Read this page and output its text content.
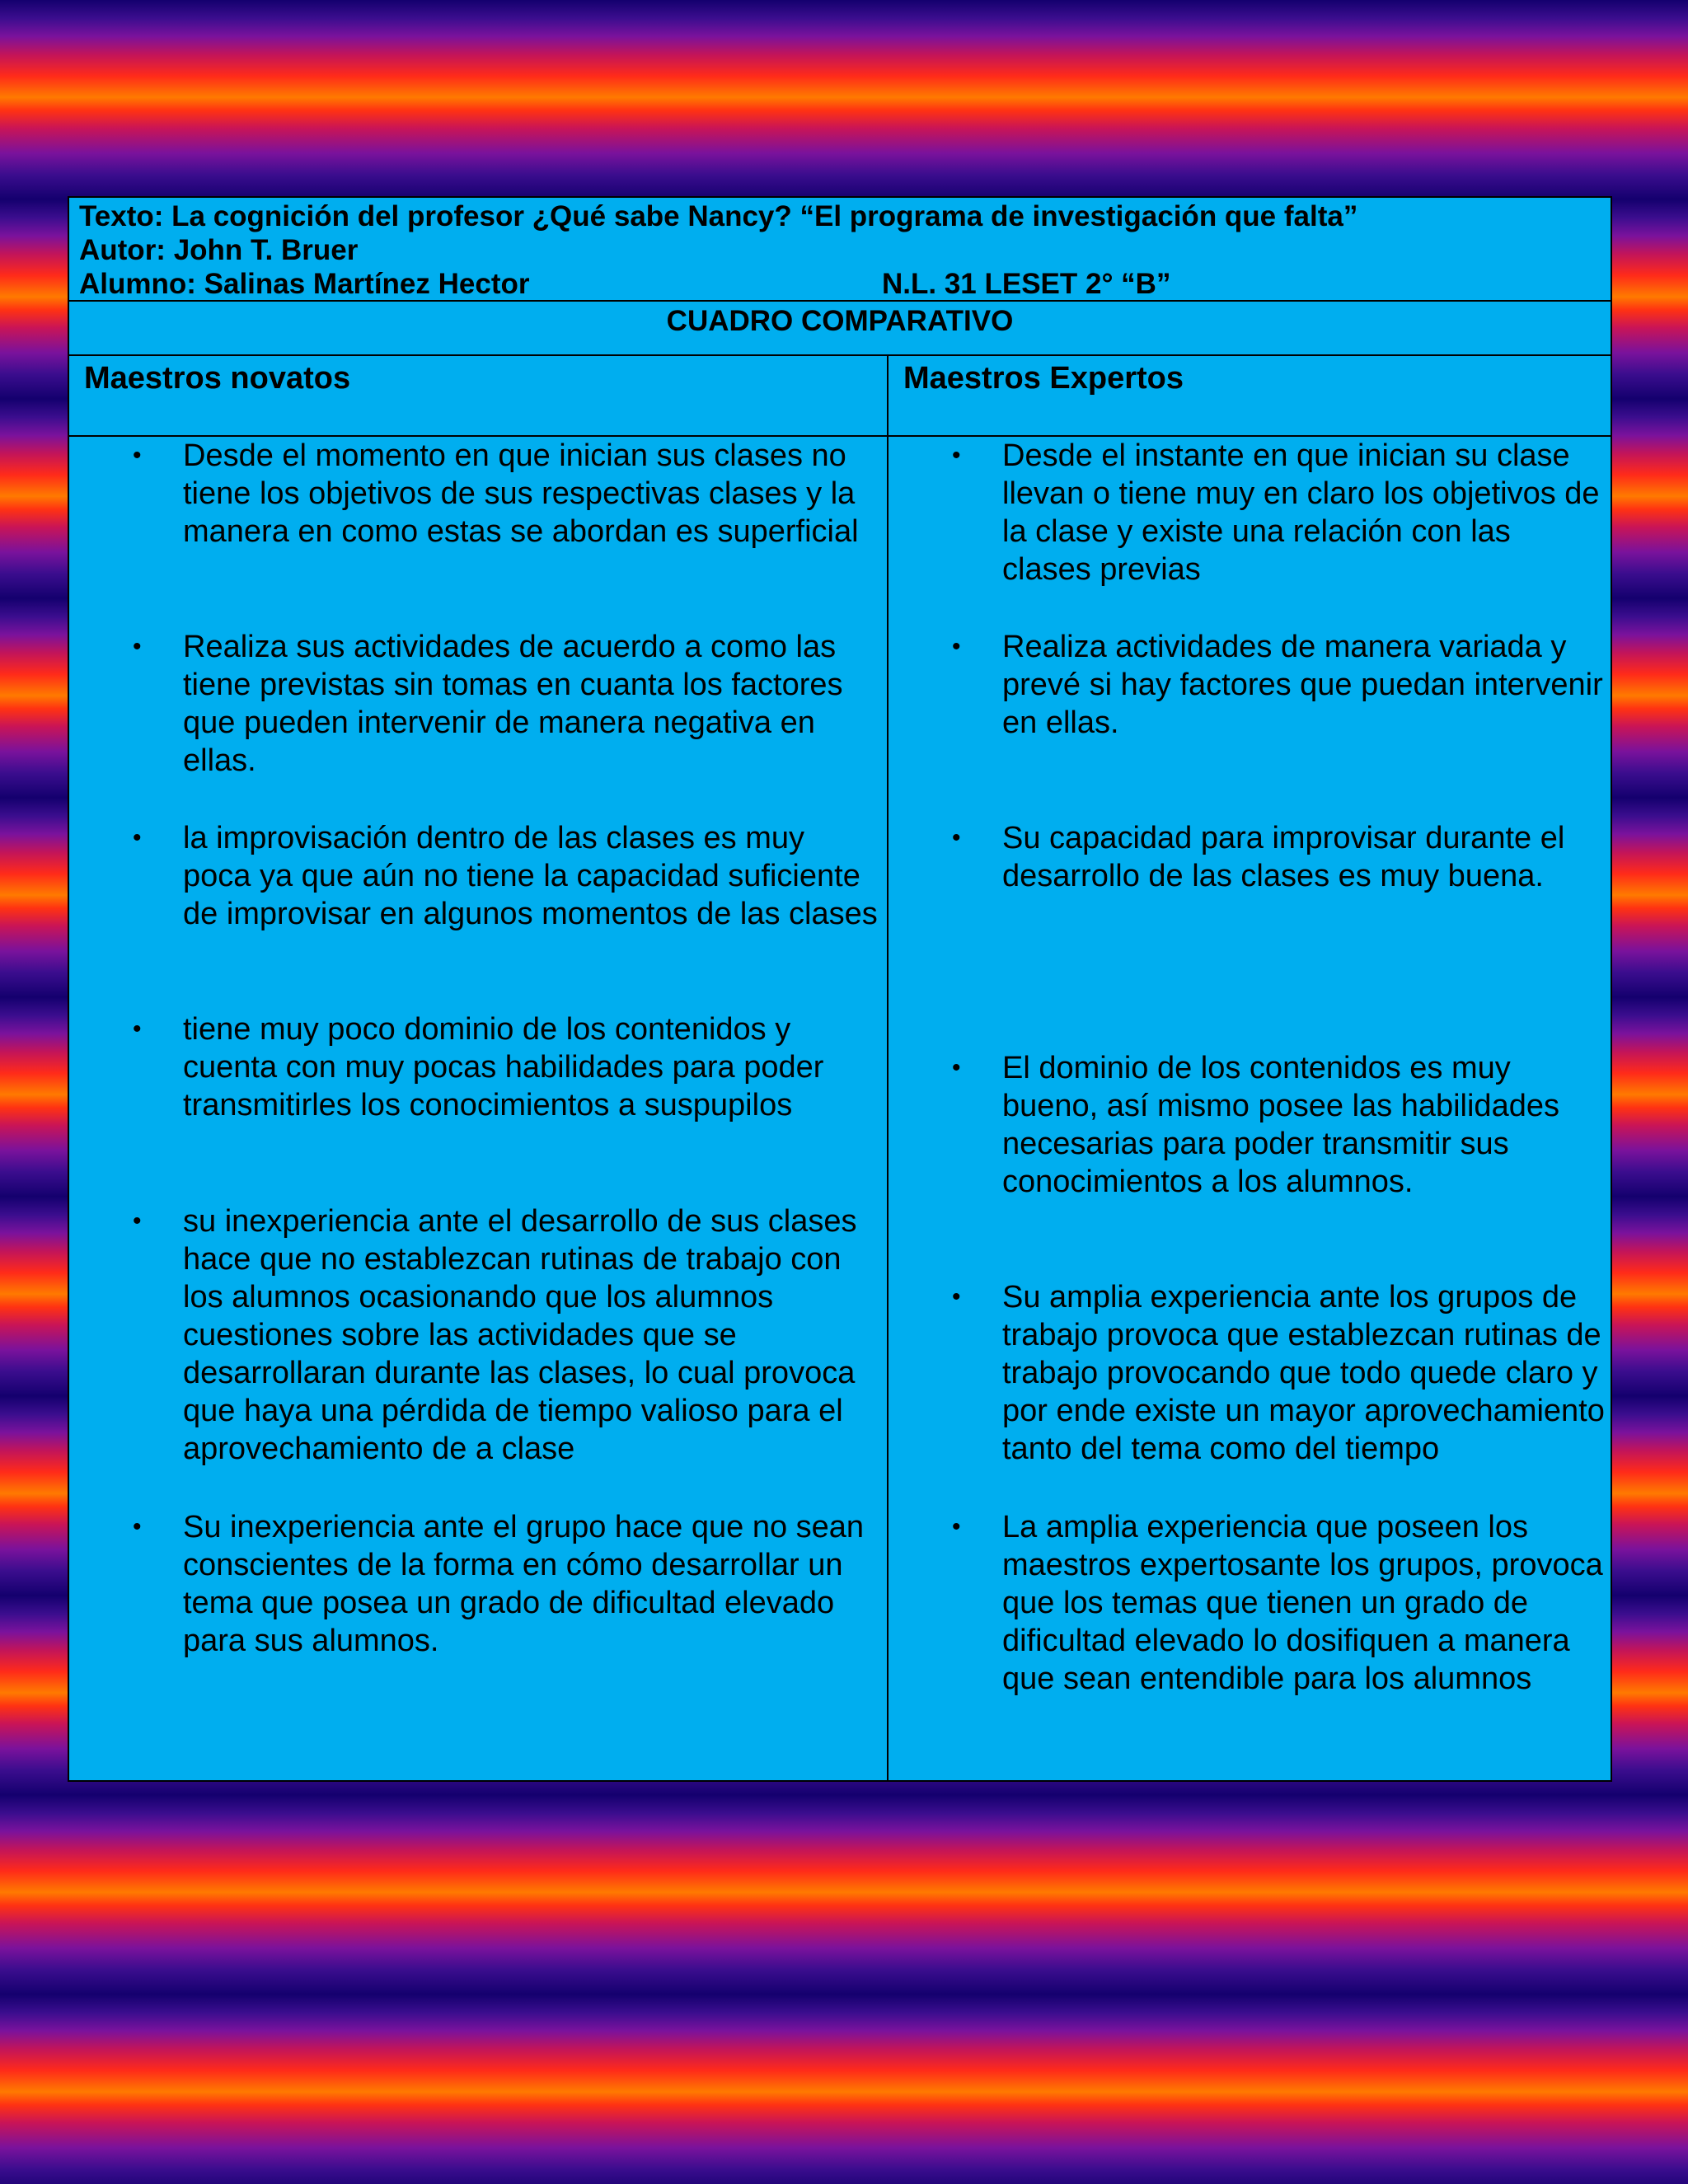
Texto: La cognición del profesor ¿Qué sabe Nancy? “El programa de investigación que falta”
Autor: John T. Bruer
Alumno: Salinas Martínez Hector	N.L. 31 LESET 2° “B”
CUADRO COMPARATIVO
Maestros novatos	Maestros Expertos
• Desde el momento en que inician sus clases no tiene los objetivos de sus respectivas clases y la manera en como estas se abordan es superficial
• Realiza sus actividades de acuerdo a como las tiene previstas sin tomas en cuanta los factores que pueden intervenir de manera negativa en ellas.
• la improvisación dentro de las clases es muy poca ya que aún no tiene la capacidad suficiente de improvisar en algunos momentos de las clases
• tiene muy poco dominio de los contenidos y cuenta con muy pocas habilidades para poder transmitirles los conocimientos a suspupilos
• su inexperiencia ante el desarrollo de sus clases hace que no establezcan rutinas de trabajo con los alumnos ocasionando que los alumnos cuestiones sobre las actividades que se desarrollaran durante las clases, lo cual provoca que haya una pérdida de tiempo valioso para el aprovechamiento de a clase
• Su inexperiencia ante el grupo hace que no sean conscientes de la forma en cómo desarrollar un tema que posea un grado de dificultad elevado para sus alumnos.
• Desde el instante en que inician su clase llevan o tiene muy en claro los objetivos de la clase y existe una relación con las clases previas
• Realiza actividades de manera variada y prevé si hay factores que puedan intervenir en ellas.
• Su capacidad para improvisar durante el desarrollo de las clases es muy buena.
• El dominio de los contenidos es muy bueno, así mismo posee las habilidades necesarias para poder transmitir sus conocimientos a los alumnos.
• Su amplia experiencia ante los grupos de trabajo provoca que establezcan rutinas de trabajo provocando que todo quede claro y por ende existe un mayor aprovechamiento tanto del tema como del tiempo
• La amplia experiencia que poseen los maestros expertosante los grupos, provoca que los temas que tienen un grado de dificultad elevado lo dosifiquen a manera que sean entendible para los alumnos
